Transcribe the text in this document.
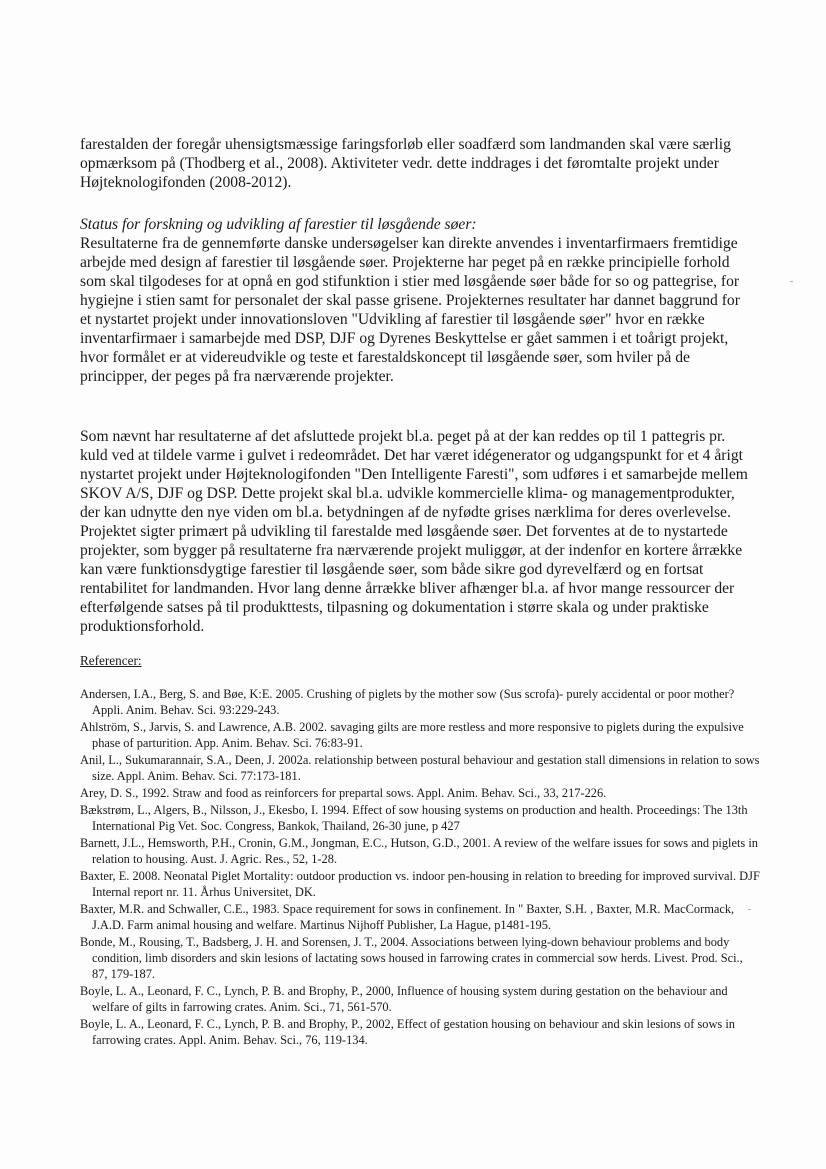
farestalden der foregår uhensigtsmæssige faringsforløb eller soadfærd som landmanden skal være særlig opmærksom på (Thodberg et al., 2008). Aktiviteter vedr. dette inddrages i det føromtalte projekt under Højteknologifonden (2008-2012).
Status for forskning og udvikling af farestier til løsgående søer:
Resultaterne fra de gennemførte danske undersøgelser kan direkte anvendes i inventarfirmaers fremtidige arbejde med design af farestier til løsgående søer. Projekterne har peget på en række principielle forhold som skal tilgodeses for at opnå en god stifunktion i stier med løsgående søer både for so og pattegrise, for hygiejne i stien samt for personalet der skal passe grisene. Projekternes resultater har dannet baggrund for et nystartet projekt under innovationsloven "Udvikling af farestier til løsgående søer" hvor en række inventarfirmaer i samarbejde med DSP, DJF og Dyrenes Beskyttelse er gået sammen i et toårigt projekt, hvor formålet er at videreudvikle og teste et farestaldskoncept til løsgående søer, som hviler på de principper, der peges på fra nærværende projekter.
Som nævnt har resultaterne af det afsluttede projekt bl.a. peget på at der kan reddes op til 1 pattegris pr. kuld ved at tildele varme i gulvet i redeområdet. Det har været idégenerator og udgangspunkt for et 4 årigt nystartet projekt under Højteknologifonden "Den Intelligente Faresti", som udføres i et samarbejde mellem SKOV A/S, DJF og DSP. Dette projekt skal bl.a. udvikle kommercielle klima- og managementprodukter, der kan udnytte den nye viden om bl.a. betydningen af de nyfødte grises nærklima for deres overlevelse. Projektet sigter primært på udvikling til farestalde med løsgående søer. Det forventes at de to nystartede projekter, som bygger på resultaterne fra nærværende projekt muliggør, at der indenfor en kortere årrække kan være funktionsdygtige farestier til løsgående søer, som både sikre god dyrevelfærd og en fortsat rentabilitet for landmanden. Hvor lang denne årrække bliver afhænger bl.a. af hvor mange ressourcer der efterfølgende satses på til produkttests, tilpasning og dokumentation i større skala og under praktiske produktionsforhold.
Referencer:
Andersen, I.A., Berg, S. and Bøe, K:E. 2005. Crushing of piglets by the mother sow (Sus scrofa)- purely accidental or poor mother? Appli. Anim. Behav. Sci. 93:229-243.
Ahlström, S., Jarvis, S. and Lawrence, A.B. 2002. savaging gilts are more restless and more responsive to piglets during the expulsive phase of parturition. App. Anim. Behav. Sci. 76:83-91.
Anil, L., Sukumarannair, S.A., Deen, J. 2002a. relationship between postural behaviour and gestation stall dimensions in relation to sows size. Appl. Anim. Behav. Sci. 77:173-181.
Arey, D. S., 1992. Straw and food as reinforcers for prepartal sows. Appl. Anim. Behav. Sci., 33, 217-226.
Bækstrøm, L., Algers, B., Nilsson, J., Ekesbo, I. 1994. Effect of sow housing systems on production and health. Proceedings: The 13th International Pig Vet. Soc. Congress, Bankok, Thailand, 26-30 june, p 427
Barnett, J.L., Hemsworth, P.H., Cronin, G.M., Jongman, E.C., Hutson, G.D., 2001. A review of the welfare issues for sows and piglets in relation to housing. Aust. J. Agric. Res., 52, 1-28.
Baxter, E. 2008. Neonatal Piglet Mortality: outdoor production vs. indoor pen-housing in relation to breeding for improved survival. DJF Internal report nr. 11. Århus Universitet, DK.
Baxter, M.R. and Schwaller, C.E., 1983. Space requirement for sows in confinement. In " Baxter, S.H. , Baxter, M.R. MacCormack, J.A.D. Farm animal housing and welfare. Martinus Nijhoff Publisher, La Hague, p1481-195.
Bonde, M., Rousing, T., Badsberg, J. H. and Sorensen, J. T., 2004. Associations between lying-down behaviour problems and body condition, limb disorders and skin lesions of lactating sows housed in farrowing crates in commercial sow herds. Livest. Prod. Sci., 87, 179-187.
Boyle, L. A., Leonard, F. C., Lynch, P. B. and Brophy, P., 2000, Influence of housing system during gestation on the behaviour and welfare of gilts in farrowing crates. Anim. Sci., 71, 561-570.
Boyle, L. A., Leonard, F. C., Lynch, P. B. and Brophy, P., 2002, Effect of gestation housing on behaviour and skin lesions of sows in farrowing crates. Appl. Anim. Behav. Sci., 76, 119-134.
